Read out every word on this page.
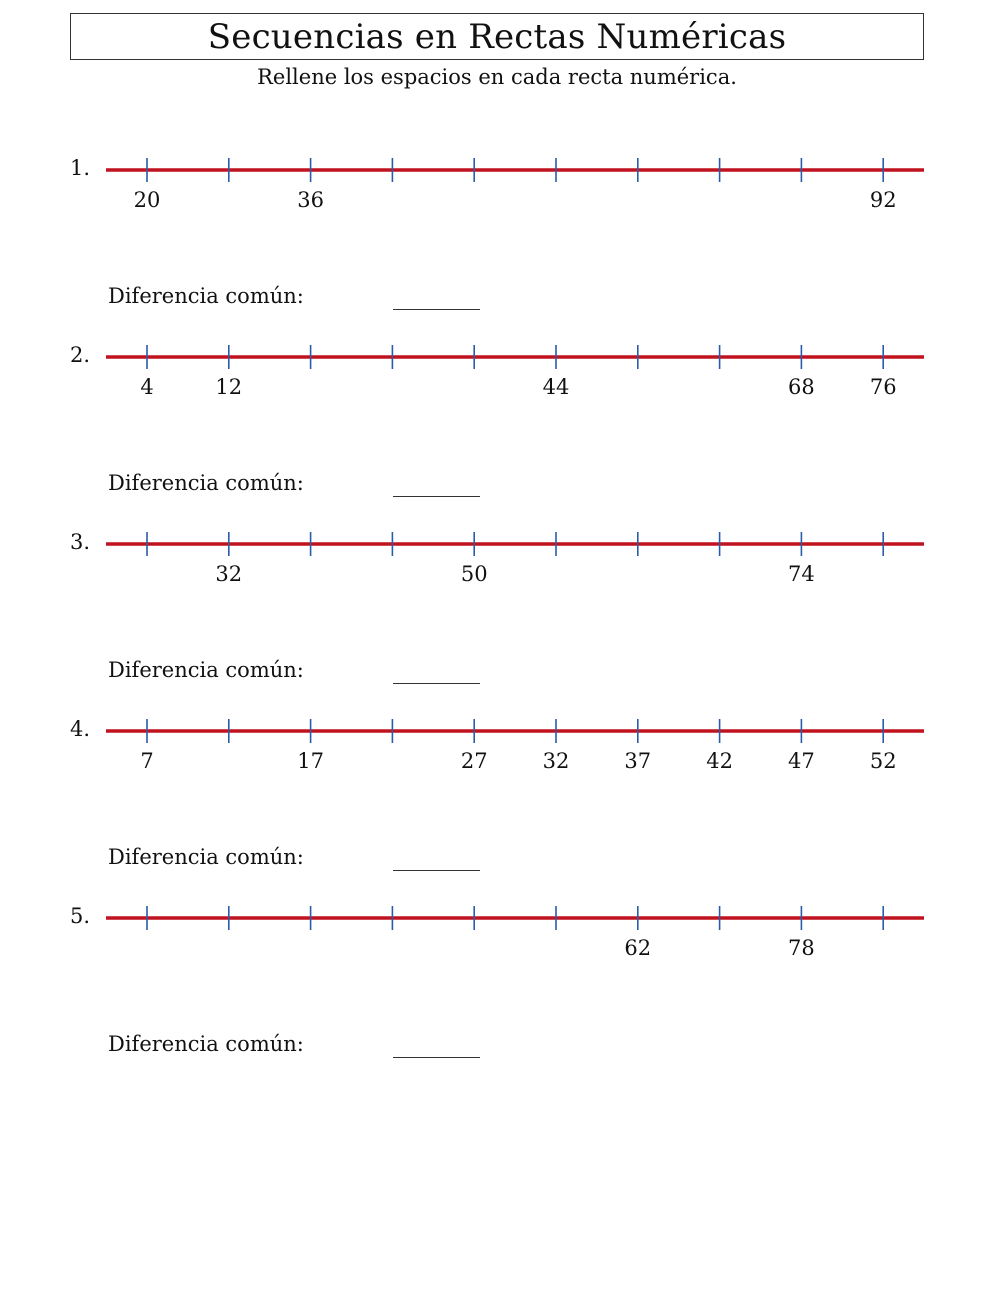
Secuencias en Rectas Numéricas
Rellene los espacios en cada recta numérica.
1.
20	36	92
Diferencia común:
2.
4	12	44	68	76
Diferencia común:
3.
32	50	74
Diferencia común:
4.
7	17	27	32	37	42	47	52
Diferencia común:
5.
62	78
Diferencia común:
